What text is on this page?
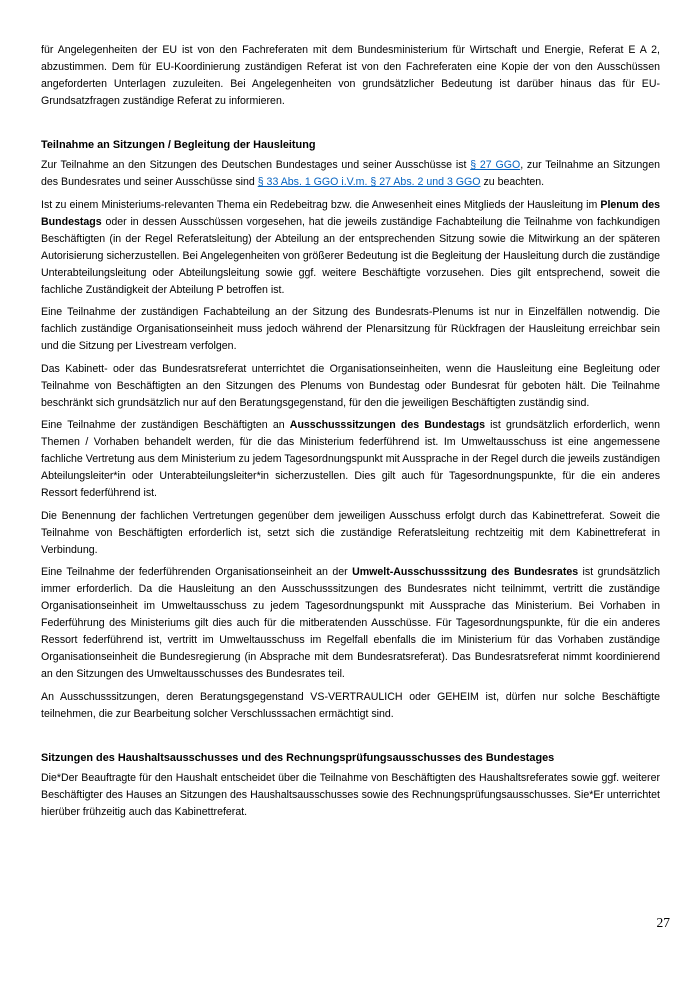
für Angelegenheiten der EU ist von den Fachreferaten mit dem Bundesministerium für Wirtschaft und Energie, Referat E A 2, abzustimmen. Dem für EU-Koordinierung zuständigen Referat ist von den Fachreferaten eine Kopie der von den Ausschüssen angeforderten Unterlagen zuzuleiten. Bei Angelegenheiten von grundsätzlicher Bedeutung ist darüber hinaus das für EU-Grundsatzfragen zuständige Referat zu informieren.

Teilnahme an Sitzungen / Begleitung der Hausleitung

Zur Teilnahme an den Sitzungen des Deutschen Bundestages und seiner Ausschüsse ist § 27 GGO, zur Teilnahme an Sitzungen des Bundesrates und seiner Ausschüsse sind § 33 Abs. 1 GGO i.V.m. § 27 Abs. 2 und 3 GGO zu beachten.

Ist zu einem Ministeriums-relevanten Thema ein Redebeitrag bzw. die Anwesenheit eines Mitglieds der Hausleitung im Plenum des Bundestags oder in dessen Ausschüssen vorgesehen, hat die jeweils zuständige Fachabteilung die Teilnahme von fachkundigen Beschäftigten (in der Regel Referatsleitung) der Abteilung an der entsprechenden Sitzung sowie die Mitwirkung an der späteren Autorisierung sicherzustellen. Bei Angelegenheiten von größerer Bedeutung ist die Begleitung der Hausleitung durch die zuständige Unterabteilungsleitung oder Abteilungsleitung sowie ggf. weitere Beschäftigte vorzusehen. Dies gilt entsprechend, soweit die fachliche Zuständigkeit der Abteilung P betroffen ist.

Eine Teilnahme der zuständigen Fachabteilung an der Sitzung des Bundesrats-Plenums ist nur in Einzelfällen notwendig. Die fachlich zuständige Organisationseinheit muss jedoch während der Plenarsitzung für Rückfragen der Hausleitung erreichbar sein und die Sitzung per Livestream verfolgen.

Das Kabinett- oder das Bundesratsreferat unterrichtet die Organisationseinheiten, wenn die Hausleitung eine Begleitung oder Teilnahme von Beschäftigten an den Sitzungen des Plenums von Bundestag oder Bundesrat für geboten hält. Die Teilnahme beschränkt sich grundsätzlich nur auf den Beratungsgegenstand, für den die jeweiligen Beschäftigten zuständig sind.

Eine Teilnahme der zuständigen Beschäftigten an Ausschusssitzungen des Bundestags ist grundsätzlich erforderlich, wenn Themen / Vorhaben behandelt werden, für die das Ministerium federführend ist. Im Umweltausschuss ist eine angemessene fachliche Vertretung aus dem Ministerium zu jedem Tagesordnungspunkt mit Aussprache in der Regel durch die jeweils zuständigen Abteilungsleiter*in oder Unterabteilungsleiter*in sicherzustellen. Dies gilt auch für Tagesordnungspunkte, für die ein anderes Ressort federführend ist.

Die Benennung der fachlichen Vertretungen gegenüber dem jeweiligen Ausschuss erfolgt durch das Kabinettreferat. Soweit die Teilnahme von Beschäftigten erforderlich ist, setzt sich die zuständige Referatsleitung rechtzeitig mit dem Kabinettreferat in Verbindung.

Eine Teilnahme der federführenden Organisationseinheit an der Umwelt-Ausschusssitzung des Bundesrates ist grundsätzlich immer erforderlich. Da die Hausleitung an den Ausschusssitzungen des Bundesrates nicht teilnimmt, vertritt die zuständige Organisationseinheit im Umweltausschuss zu jedem Tagesordnungspunkt mit Aussprache das Ministerium. Bei Vorhaben in Federführung des Ministeriums gilt dies auch für die mitberatenden Ausschüsse. Für Tagesordnungspunkte, für die ein anderes Ressort federführend ist, vertritt im Umweltausschuss im Regelfall ebenfalls die im Ministerium für das Vorhaben zuständige Organisationseinheit die Bundesregierung (in Absprache mit dem Bundesratsreferat). Das Bundesratsreferat nimmt koordinierend an den Sitzungen des Umweltausschusses des Bundesrates teil.

An Ausschusssitzungen, deren Beratungsgegenstand VS-VERTRAULICH oder GEHEIM ist, dürfen nur solche Beschäftigte teilnehmen, die zur Bearbeitung solcher Verschlusssachen ermächtigt sind.

Sitzungen des Haushaltsausschusses und des Rechnungsprüfungsausschusses des Bundestages

Die*Der Beauftragte für den Haushalt entscheidet über die Teilnahme von Beschäftigten des Haushaltsreferates sowie ggf. weiterer Beschäftigter des Hauses an Sitzungen des Haushaltsausschusses sowie des Rechnungsprüfungsausschusses. Sie*Er unterrichtet hierüber frühzeitig auch das Kabinettreferat.

27
